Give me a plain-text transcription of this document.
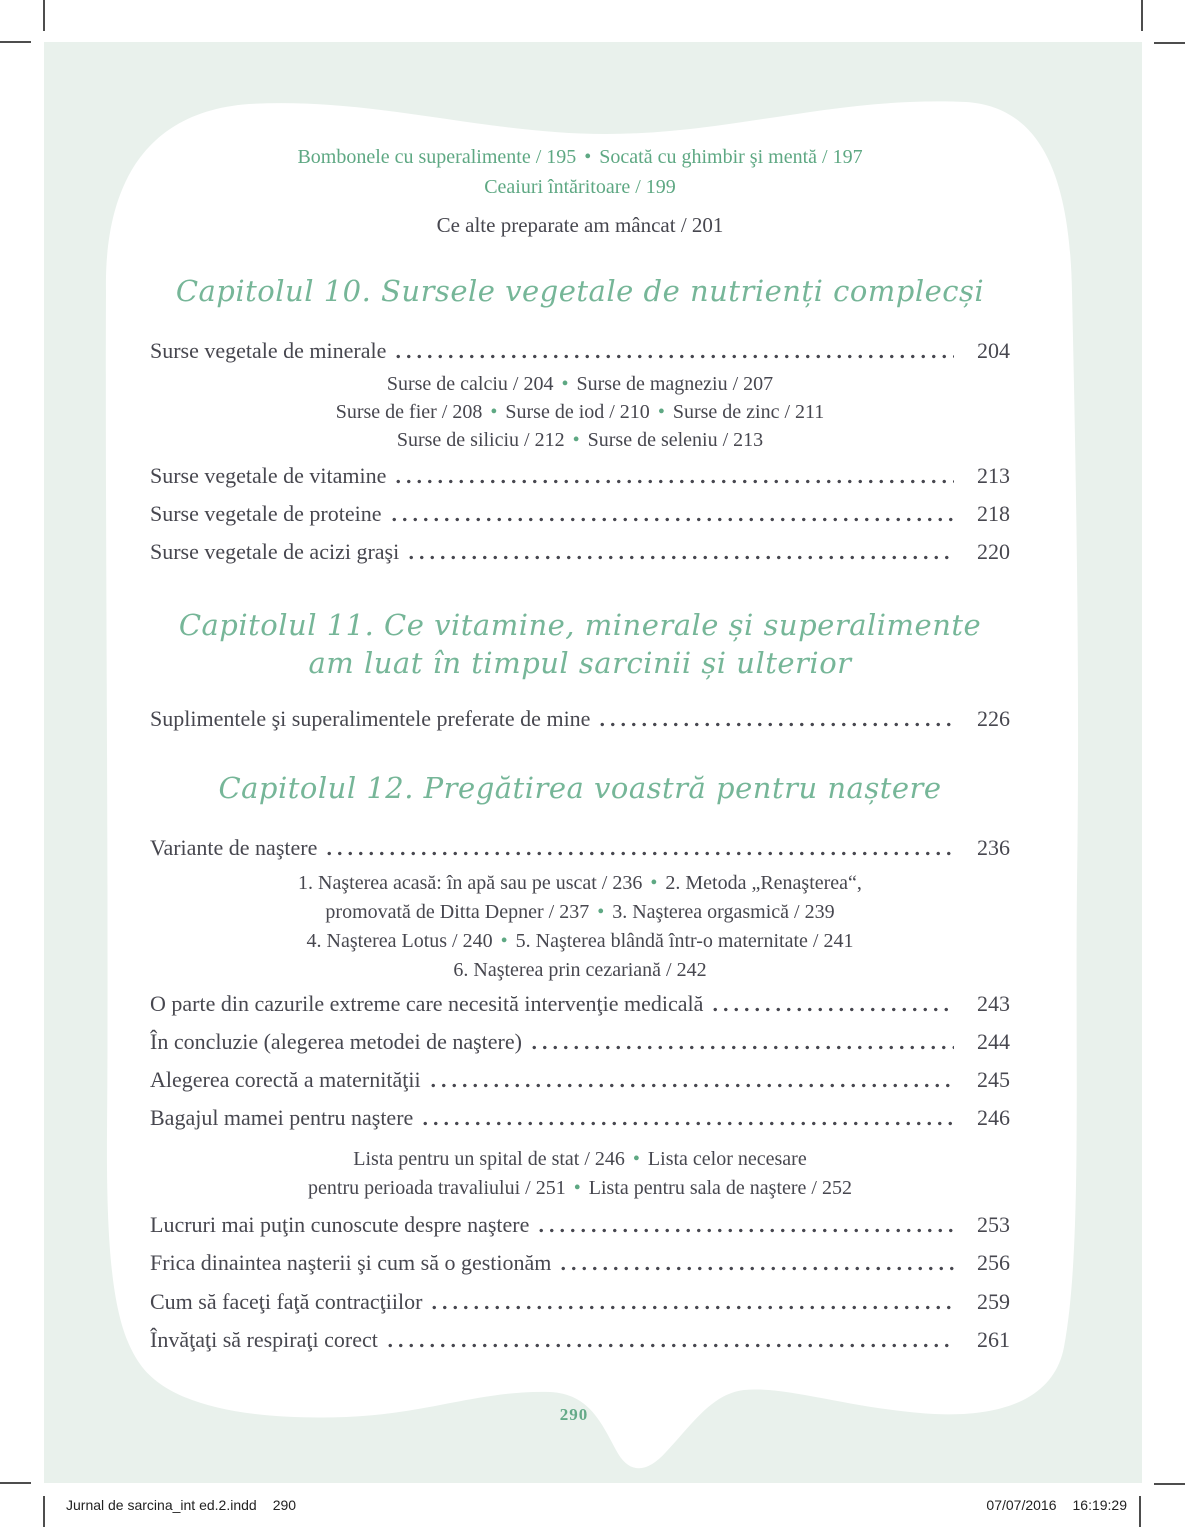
Bombonele cu superalimente / 195 • Socată cu ghimbir şi mentă / 197
Ceaiuri întăritoare / 199
Ce alte preparate am mâncat / 201
Capitolul 10. Sursele vegetale de nutrienți complecși
Surse vegetale de minerale	204
Surse de calciu / 204 • Surse de magneziu / 207
Surse de fier / 208 • Surse de iod / 210 • Surse de zinc / 211
Surse de siliciu / 212 • Surse de seleniu / 213
Surse vegetale de vitamine	213
Surse vegetale de proteine	218
Surse vegetale de acizi graşi	220
Capitolul 11. Ce vitamine, minerale și superalimente
am luat în timpul sarcinii și ulterior
Suplimentele şi superalimentele preferate de mine	226
Capitolul 12. Pregătirea voastră pentru naștere
Variante de naştere	236
1. Naşterea acasă: în apă sau pe uscat / 236 • 2. Metoda „Renaşterea“,
promovată de Ditta Depner / 237 • 3. Naşterea orgasmică / 239
4. Naşterea Lotus / 240 • 5. Naşterea blândă într-o maternitate / 241
6. Naşterea prin cezariană / 242
O parte din cazurile extreme care necesită intervenţie medicală	243
În concluzie (alegerea metodei de naştere)	244
Alegerea corectă a maternităţii	245
Bagajul mamei pentru naştere	246
Lista pentru un spital de stat / 246 • Lista celor necesare
pentru perioada travaliului / 251 • Lista pentru sala de naştere / 252
Lucruri mai puţin cunoscute despre naştere	253
Frica dinaintea naşterii şi cum să o gestionăm	256
Cum să faceţi faţă contracţiilor	259
Învăţaţi să respiraţi corect	261
290
Jurnal de sarcina_int ed.2.indd 290	07/07/2016 16:19:29
